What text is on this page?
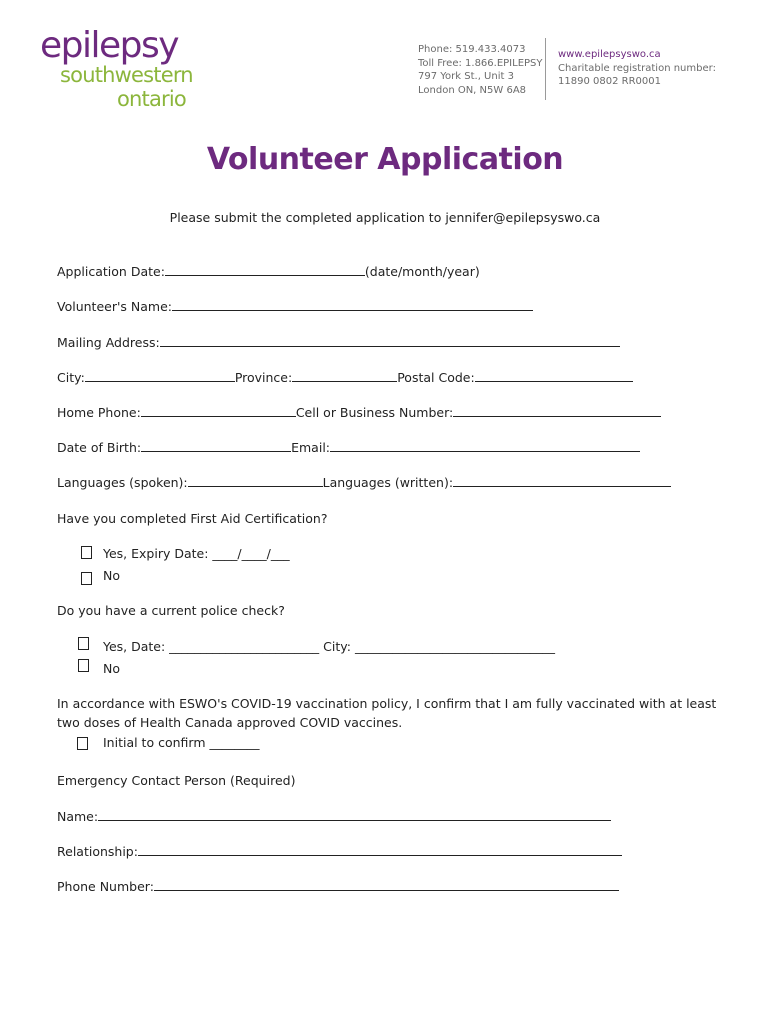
epilepsy
southwestern
ontario
Phone: 519.433.4073
Toll Free: 1.866.EPILEPSY
797 York St., Unit 3
London ON, N5W 6A8
www.epilepsyswo.ca
Charitable registration number:
11890 0802 RR0001
Volunteer Application
Please submit the completed application to jennifer@epilepsyswo.ca
Application Date:	(date/month/year)
Volunteer's Name:
Mailing Address:
City:	Province:	Postal Code:
Home Phone:	Cell or Business Number:
Date of Birth:	Email:
Languages (spoken):	Languages (written):
Have you completed First Aid Certification?
Yes, Expiry Date: ____/____/___
No
Do you have a current police check?
Yes, Date: ________________________ City: ________________________________
No
In accordance with ESWO's COVID-19 vaccination policy, I confirm that I am fully vaccinated with at least
two doses of Health Canada approved COVID vaccines.
Initial to confirm ________
Emergency Contact Person (Required)
Name:
Relationship:
Phone Number:
